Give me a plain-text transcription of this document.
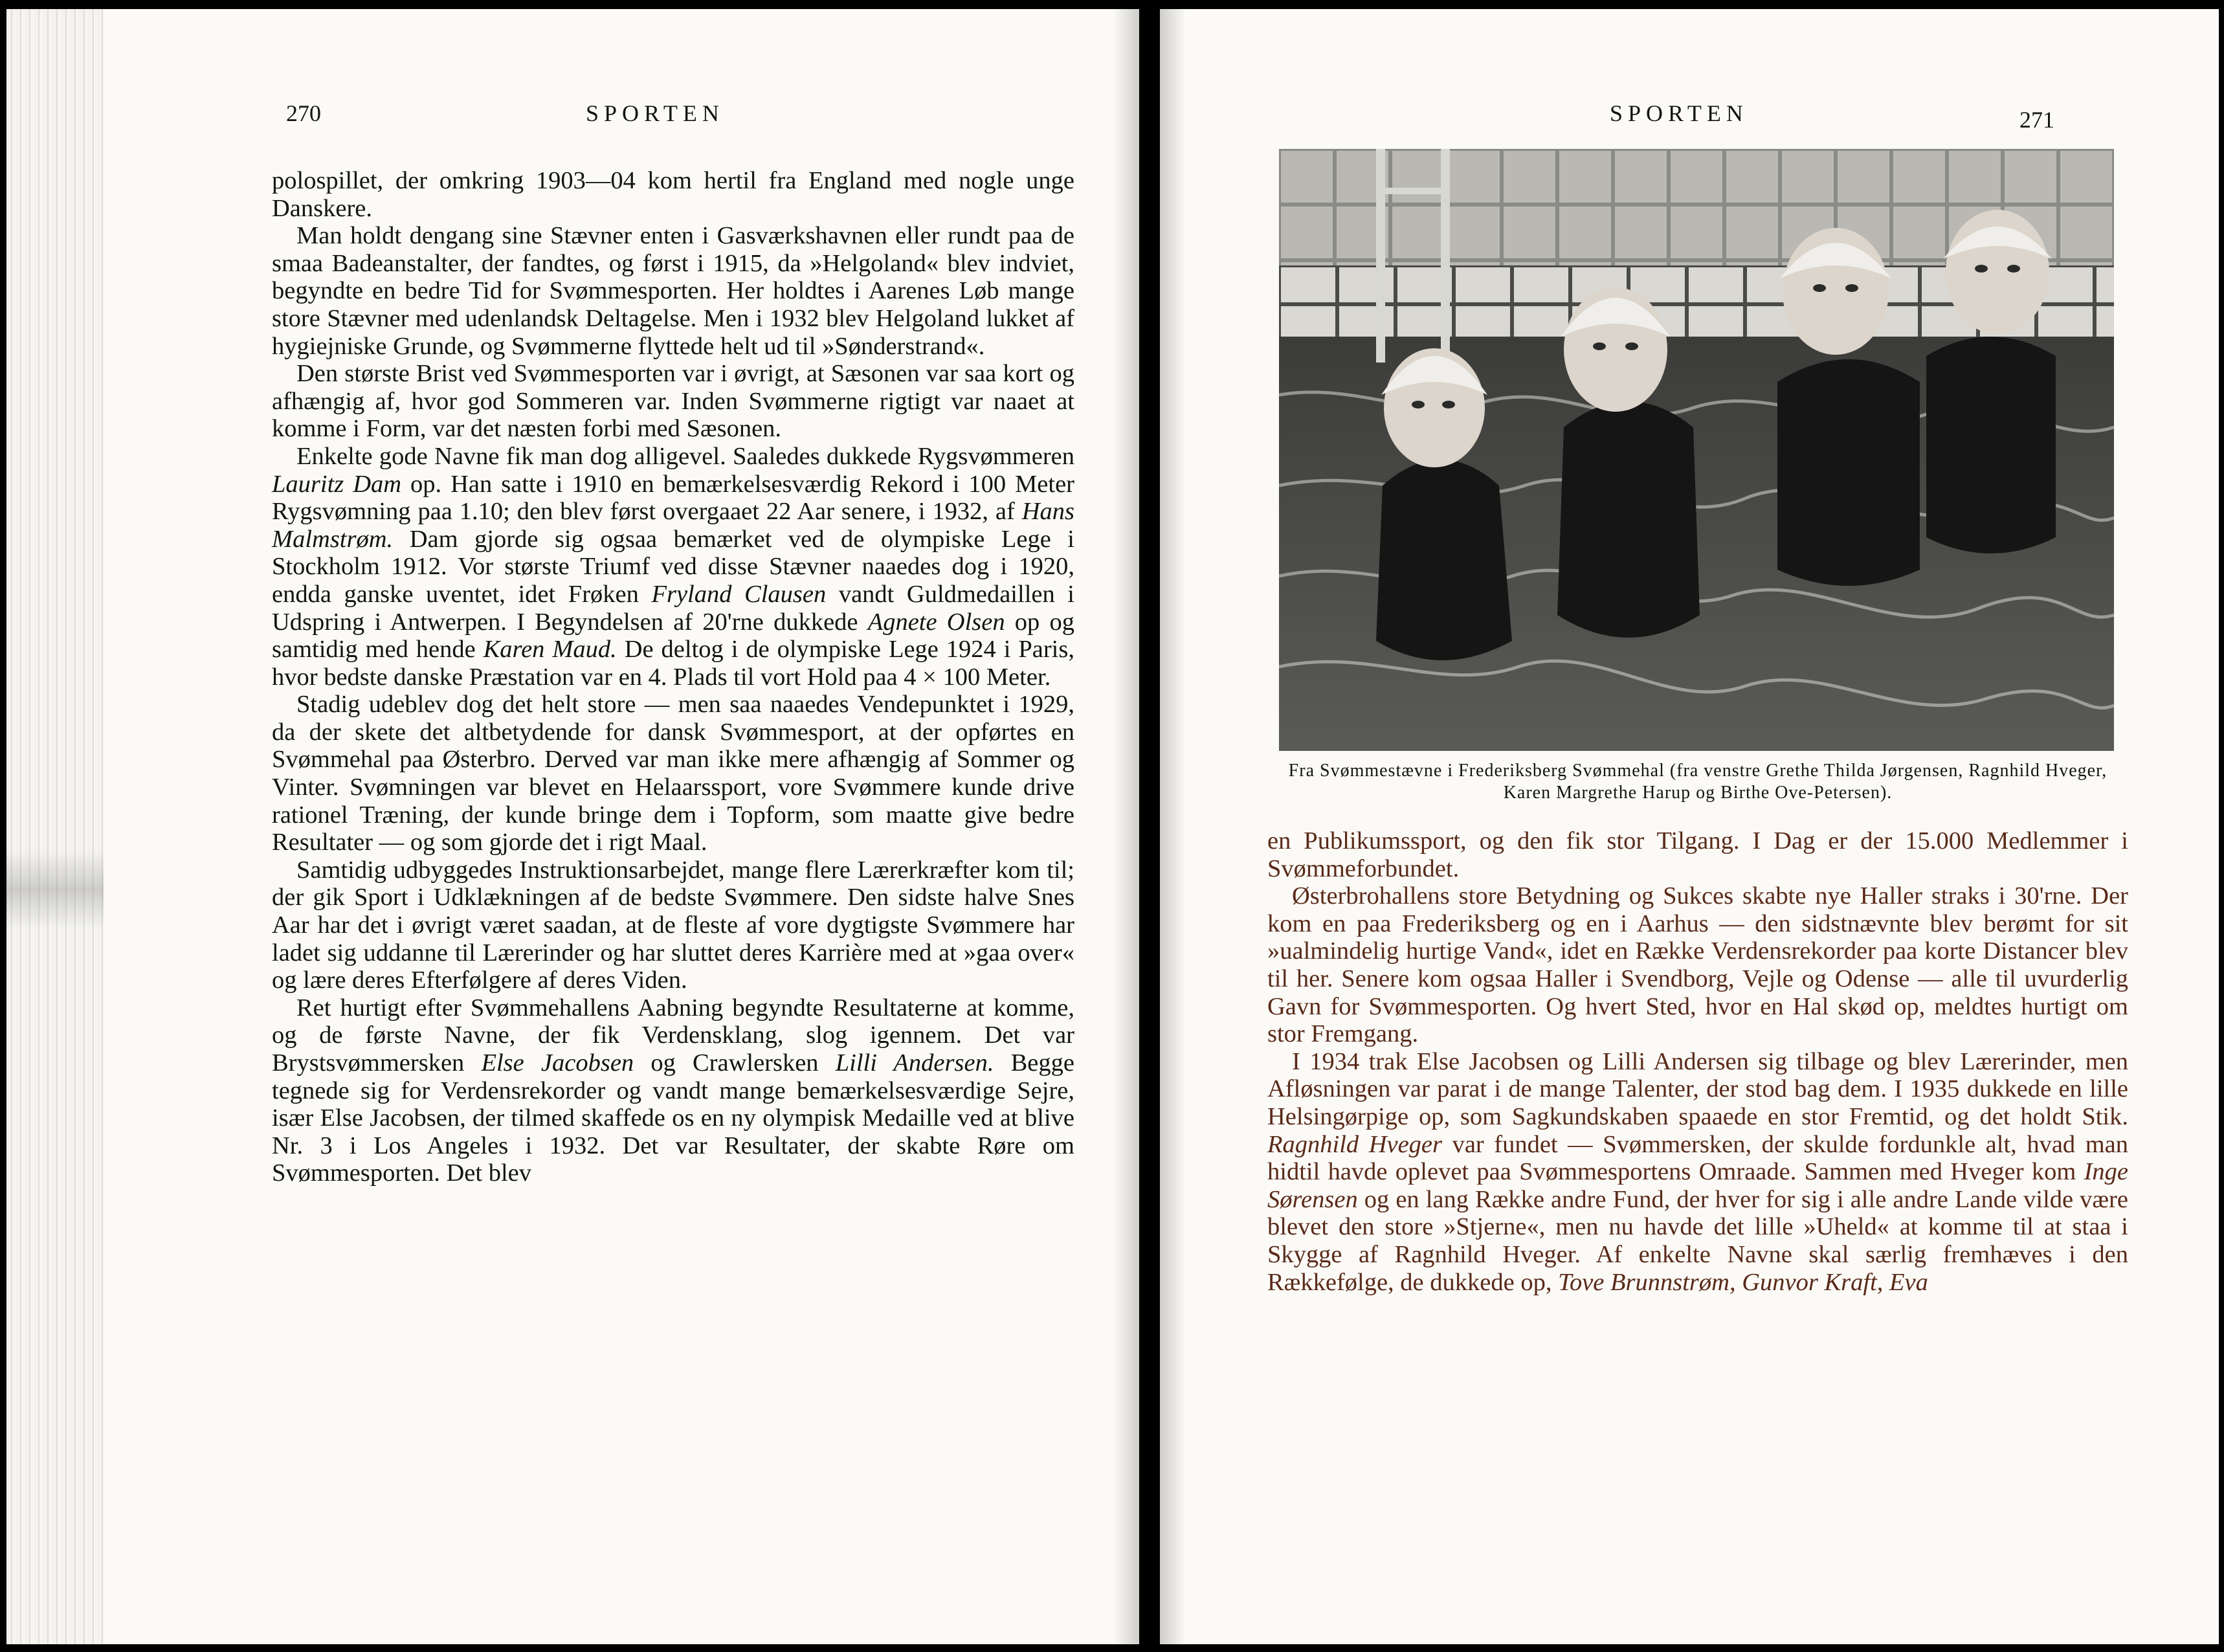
270	SPORTEN

polospillet, der omkring 1903—04 kom hertil fra England med nogle unge Danskere.

Man holdt dengang sine Stævner enten i Gasværkshavnen eller rundt paa de smaa Badeanstalter, der fandtes, og først i 1915, da »Helgoland« blev indviet, begyndte en bedre Tid for Svømmesporten. Her holdtes i Aarenes Løb mange store Stævner med udenlandsk Deltagelse. Men i 1932 blev Helgoland lukket af hygiejniske Grunde, og Svømmerne flyttede helt ud til »Sønderstrand«.

Den største Brist ved Svømmesporten var i øvrigt, at Sæsonen var saa kort og afhængig af, hvor god Sommeren var. Inden Svømmerne rigtigt var naaet at komme i Form, var det næsten forbi med Sæsonen.

Enkelte gode Navne fik man dog alligevel. Saaledes dukkede Rygsvømmeren Lauritz Dam op. Han satte i 1910 en bemærkelsesværdig Rekord i 100 Meter Rygsvømning paa 1.10; den blev først overgaaet 22 Aar senere, i 1932, af Hans Malmstrøm. Dam gjorde sig ogsaa bemærket ved de olympiske Lege i Stockholm 1912. Vor største Triumf ved disse Stævner naaedes dog i 1920, endda ganske uventet, idet Frøken Fryland Clausen vandt Guldmedaillen i Udspring i Antwerpen. I Begyndelsen af 20'rne dukkede Agnete Olsen op og samtidig med hende Karen Maud. De deltog i de olympiske Lege 1924 i Paris, hvor bedste danske Præstation var en 4. Plads til vort Hold paa 4 × 100 Meter.

Stadig udeblev dog det helt store — men saa naaedes Vendepunktet i 1929, da der skete det altbetydende for dansk Svømmesport, at der opførtes en Svømmehal paa Østerbro. Derved var man ikke mere afhængig af Sommer og Vinter. Svømningen var blevet en Helaarssport, vore Svømmere kunde drive rationel Træning, der kunde bringe dem i Topform, som maatte give bedre Resultater — og som gjorde det i rigt Maal.

Samtidig udbyggedes Instruktionsarbejdet, mange flere Lærerkræfter kom til; der gik Sport i Udklækningen af de bedste Svømmere. Den sidste halve Snes Aar har det i øvrigt været saadan, at de fleste af vore dygtigste Svømmere har ladet sig uddanne til Lærerinder og har sluttet deres Karrière med at »gaa over« og lære deres Efterfølgere af deres Viden.

Ret hurtigt efter Svømmehallens Aabning begyndte Resultaterne at komme, og de første Navne, der fik Verdensklang, slog igennem. Det var Brystsvømmersken Else Jacobsen og Crawlersken Lilli Andersen. Begge tegnede sig for Verdensrekorder og vandt mange bemærkelsesværdige Sejre, især Else Jacobsen, der tilmed skaffede os en ny olympisk Medaille ved at blive Nr. 3 i Los Angeles i 1932. Det var Resultater, der skabte Røre om Svømmesporten. Det blev

SPORTEN	271
Fra Svømmestævne i Frederiksberg Svømmehal (fra venstre Grethe Thilda Jørgensen, Ragnhild Hveger, Karen Margrethe Harup og Birthe Ove-Petersen).

en Publikumssport, og den fik stor Tilgang. I Dag er der 15.000 Medlemmer i Svømmeforbundet.

Østerbrohallens store Betydning og Sukces skabte nye Haller straks i 30'rne. Der kom en paa Frederiksberg og en i Aarhus — den sidstnævnte blev berømt for sit »ualmindelig hurtige Vand«, idet en Række Verdensrekorder paa korte Distancer blev til her. Senere kom ogsaa Haller i Svendborg, Vejle og Odense — alle til uvurderlig Gavn for Svømmesporten. Og hvert Sted, hvor en Hal skød op, meldtes hurtigt om stor Fremgang.

I 1934 trak Else Jacobsen og Lilli Andersen sig tilbage og blev Lærerinder, men Afløsningen var parat i de mange Talenter, der stod bag dem. I 1935 dukkede en lille Helsingørpige op, som Sagkundskaben spaaede en stor Fremtid, og det holdt Stik. Ragnhild Hveger var fundet — Svømmersken, der skulde fordunkle alt, hvad man hidtil havde oplevet paa Svømmesportens Omraade. Sammen med Hveger kom Inge Sørensen og en lang Række andre Fund, der hver for sig i alle andre Lande vilde være blevet den store »Stjerne«, men nu havde det lille »Uheld« at komme til at staa i Skygge af Ragnhild Hveger. Af enkelte Navne skal særlig fremhæves i den Rækkefølge, de dukkede op, Tove Brunnstrøm, Gunvor Kraft, Eva
